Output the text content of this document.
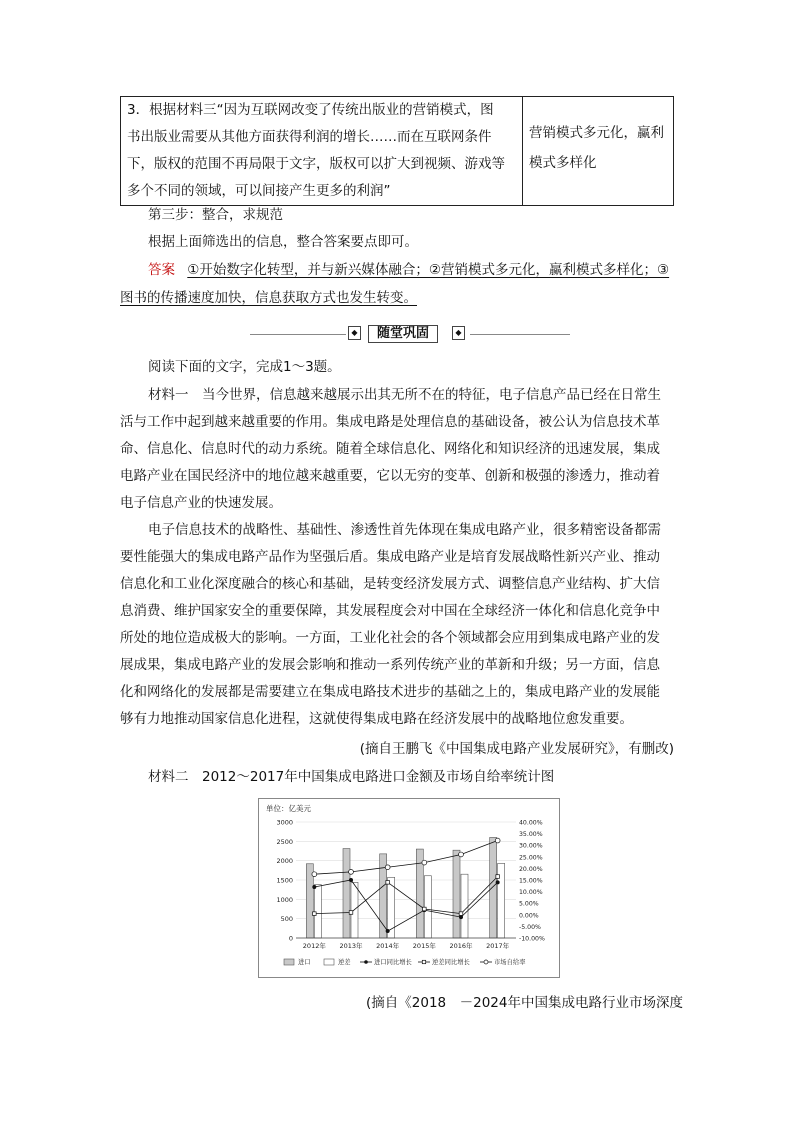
3．根据材料三“因为互联网改变了传统出版业的营销模式，图
书出版业需要从其他方面获得利润的增长……而在互联网条件
下，版权的范围不再局限于文字，版权可以扩大到视频、游戏等
多个不同的领域，可以间接产生更多的利润”
营销模式多元化，赢利
模式多样化
第三步：整合，求规范
根据上面筛选出的信息，整合答案要点即可。
答案 ①开始数字化转型，并与新兴媒体融合；②营销模式多元化，赢利模式多样化；③
图书的传播速度加快，信息获取方式也发生转变。
◆	随堂巩固	◆
阅读下面的文字，完成1～3题。
材料一　当今世界，信息越来越展示出其无所不在的特征，电子信息产品已经在日常生
活与工作中起到越来越重要的作用。集成电路是处理信息的基础设备，被公认为信息技术革
命、信息化、信息时代的动力系统。随着全球信息化、网络化和知识经济的迅速发展，集成
电路产业在国民经济中的地位越来越重要，它以无穷的变革、创新和极强的渗透力，推动着
电子信息产业的快速发展。
电子信息技术的战略性、基础性、渗透性首先体现在集成电路产业，很多精密设备都需
要性能强大的集成电路产品作为坚强后盾。集成电路产业是培育发展战略性新兴产业、推动
信息化和工业化深度融合的核心和基础，是转变经济发展方式、调整信息产业结构、扩大信
息消费、维护国家安全的重要保障，其发展程度会对中国在全球经济一体化和信息化竞争中
所处的地位造成极大的影响。一方面，工业化社会的各个领域都会应用到集成电路产业的发
展成果，集成电路产业的发展会影响和推动一系列传统产业的革新和升级；另一方面，信息
化和网络化的发展都是需要建立在集成电路技术进步的基础之上的，集成电路产业的发展能
够有力地推动国家信息化进程，这就使得集成电路在经济发展中的战略地位愈发重要。
(摘自王鹏飞《中国集成电路产业发展研究》，有删改)
材料二　2012～2017年中国集成电路进口金额及市场自给率统计图
单位：亿美元
3000
2500
2000
1500
1000
500
0
40.00%
35.00%
30.00%
25.00%
20.00%
15.00%
10.00%
5.00%
0.00%
-5.00%
-10.00%
2012年 2013年 2014年 2015年 2016年 2017年
进口	逆差	进口同比增长	逆差同比增长	市场自给率
(摘自《2018　－2024年中国集成电路行业市场深度
